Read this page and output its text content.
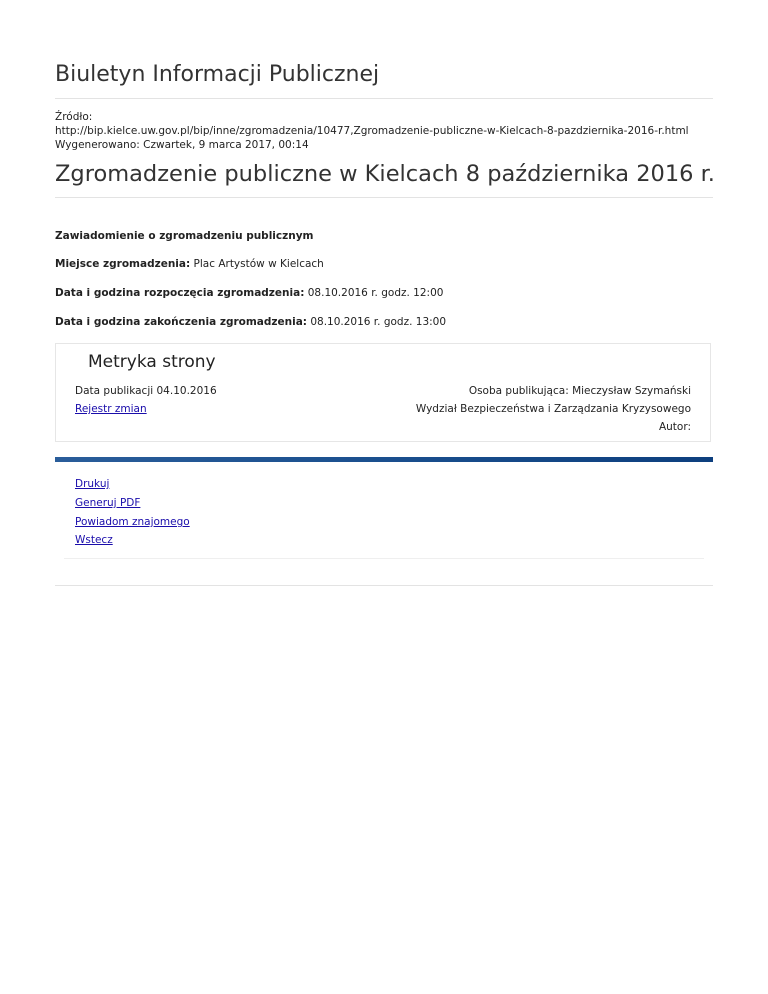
Biuletyn Informacji Publicznej
Źródło:
http://bip.kielce.uw.gov.pl/bip/inne/zgromadzenia/10477,Zgromadzenie-publiczne-w-Kielcach-8-pazdziernika-2016-r.html
Wygenerowano: Czwartek, 9 marca 2017, 00:14
Zgromadzenie publiczne w Kielcach 8 października 2016 r.
Zawiadomienie o zgromadzeniu publicznym
Miejsce zgromadzenia: Plac Artystów w Kielcach
Data i godzina rozpoczęcia zgromadzenia: 08.10.2016 r. godz. 12:00
Data i godzina zakończenia zgromadzenia: 08.10.2016 r. godz. 13:00
Metryka strony
Data publikacji 04.10.2016
Rejestr zmian
Osoba publikująca: Mieczysław Szymański
Wydział Bezpieczeństwa i Zarządzania Kryzysowego
Autor:
Drukuj
Generuj PDF
Powiadom znajomego
Wstecz
